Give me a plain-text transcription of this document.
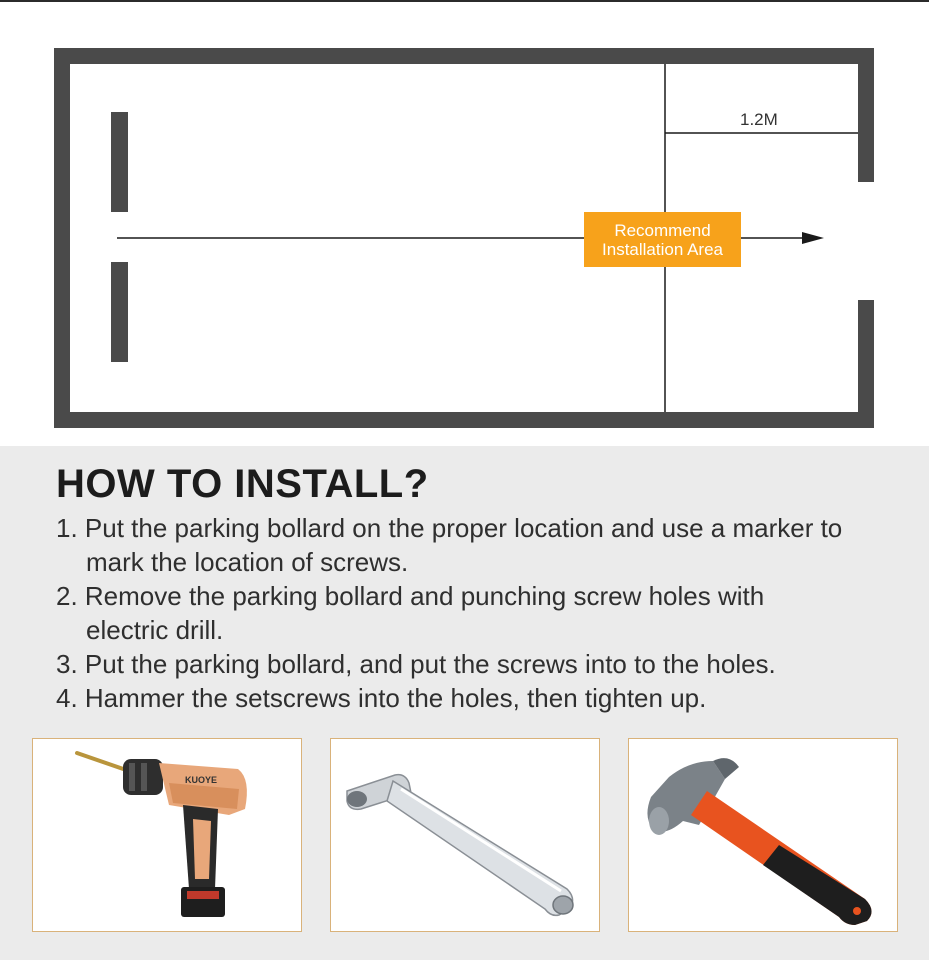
1.2M
Recommend
Installation Area
HOW TO INSTALL?

1. Put the parking bollard on the proper location and use a marker to mark the location of screws.

2. Remove the parking bollard and punching screw holes with electric drill.

3. Put the parking bollard, and put the screws into to the holes.

4. Hammer the setscrews into the holes, then tighten up.

KUOYE
